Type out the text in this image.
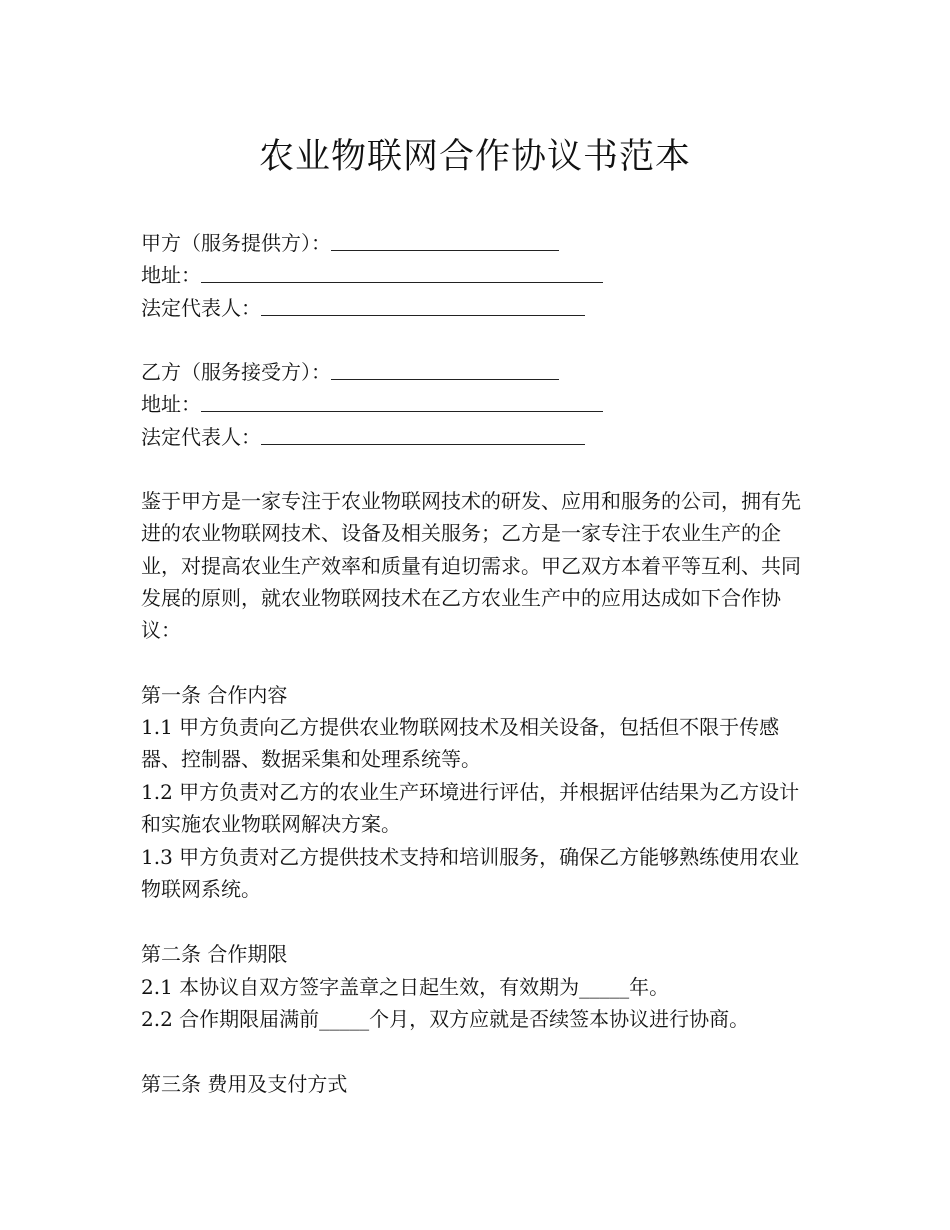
农业物联网合作协议书范本
甲方（服务提供方）：
地址：
法定代表人：
乙方（服务接受方）：
地址：
法定代表人：
鉴于甲方是一家专注于农业物联网技术的研发、应用和服务的公司，拥有先进的农业物联网技术、设备及相关服务；乙方是一家专注于农业生产的企业，对提高农业生产效率和质量有迫切需求。甲乙双方本着平等互利、共同发展的原则，就农业物联网技术在乙方农业生产中的应用达成如下合作协议：
第一条 合作内容
1.1 甲方负责向乙方提供农业物联网技术及相关设备，包括但不限于传感器、控制器、数据采集和处理系统等。
1.2 甲方负责对乙方的农业生产环境进行评估，并根据评估结果为乙方设计和实施农业物联网解决方案。
1.3 甲方负责对乙方提供技术支持和培训服务，确保乙方能够熟练使用农业物联网系统。
第二条 合作期限
2.1 本协议自双方签字盖章之日起生效，有效期为_____年。
2.2 合作期限届满前_____个月，双方应就是否续签本协议进行协商。
第三条 费用及支付方式
